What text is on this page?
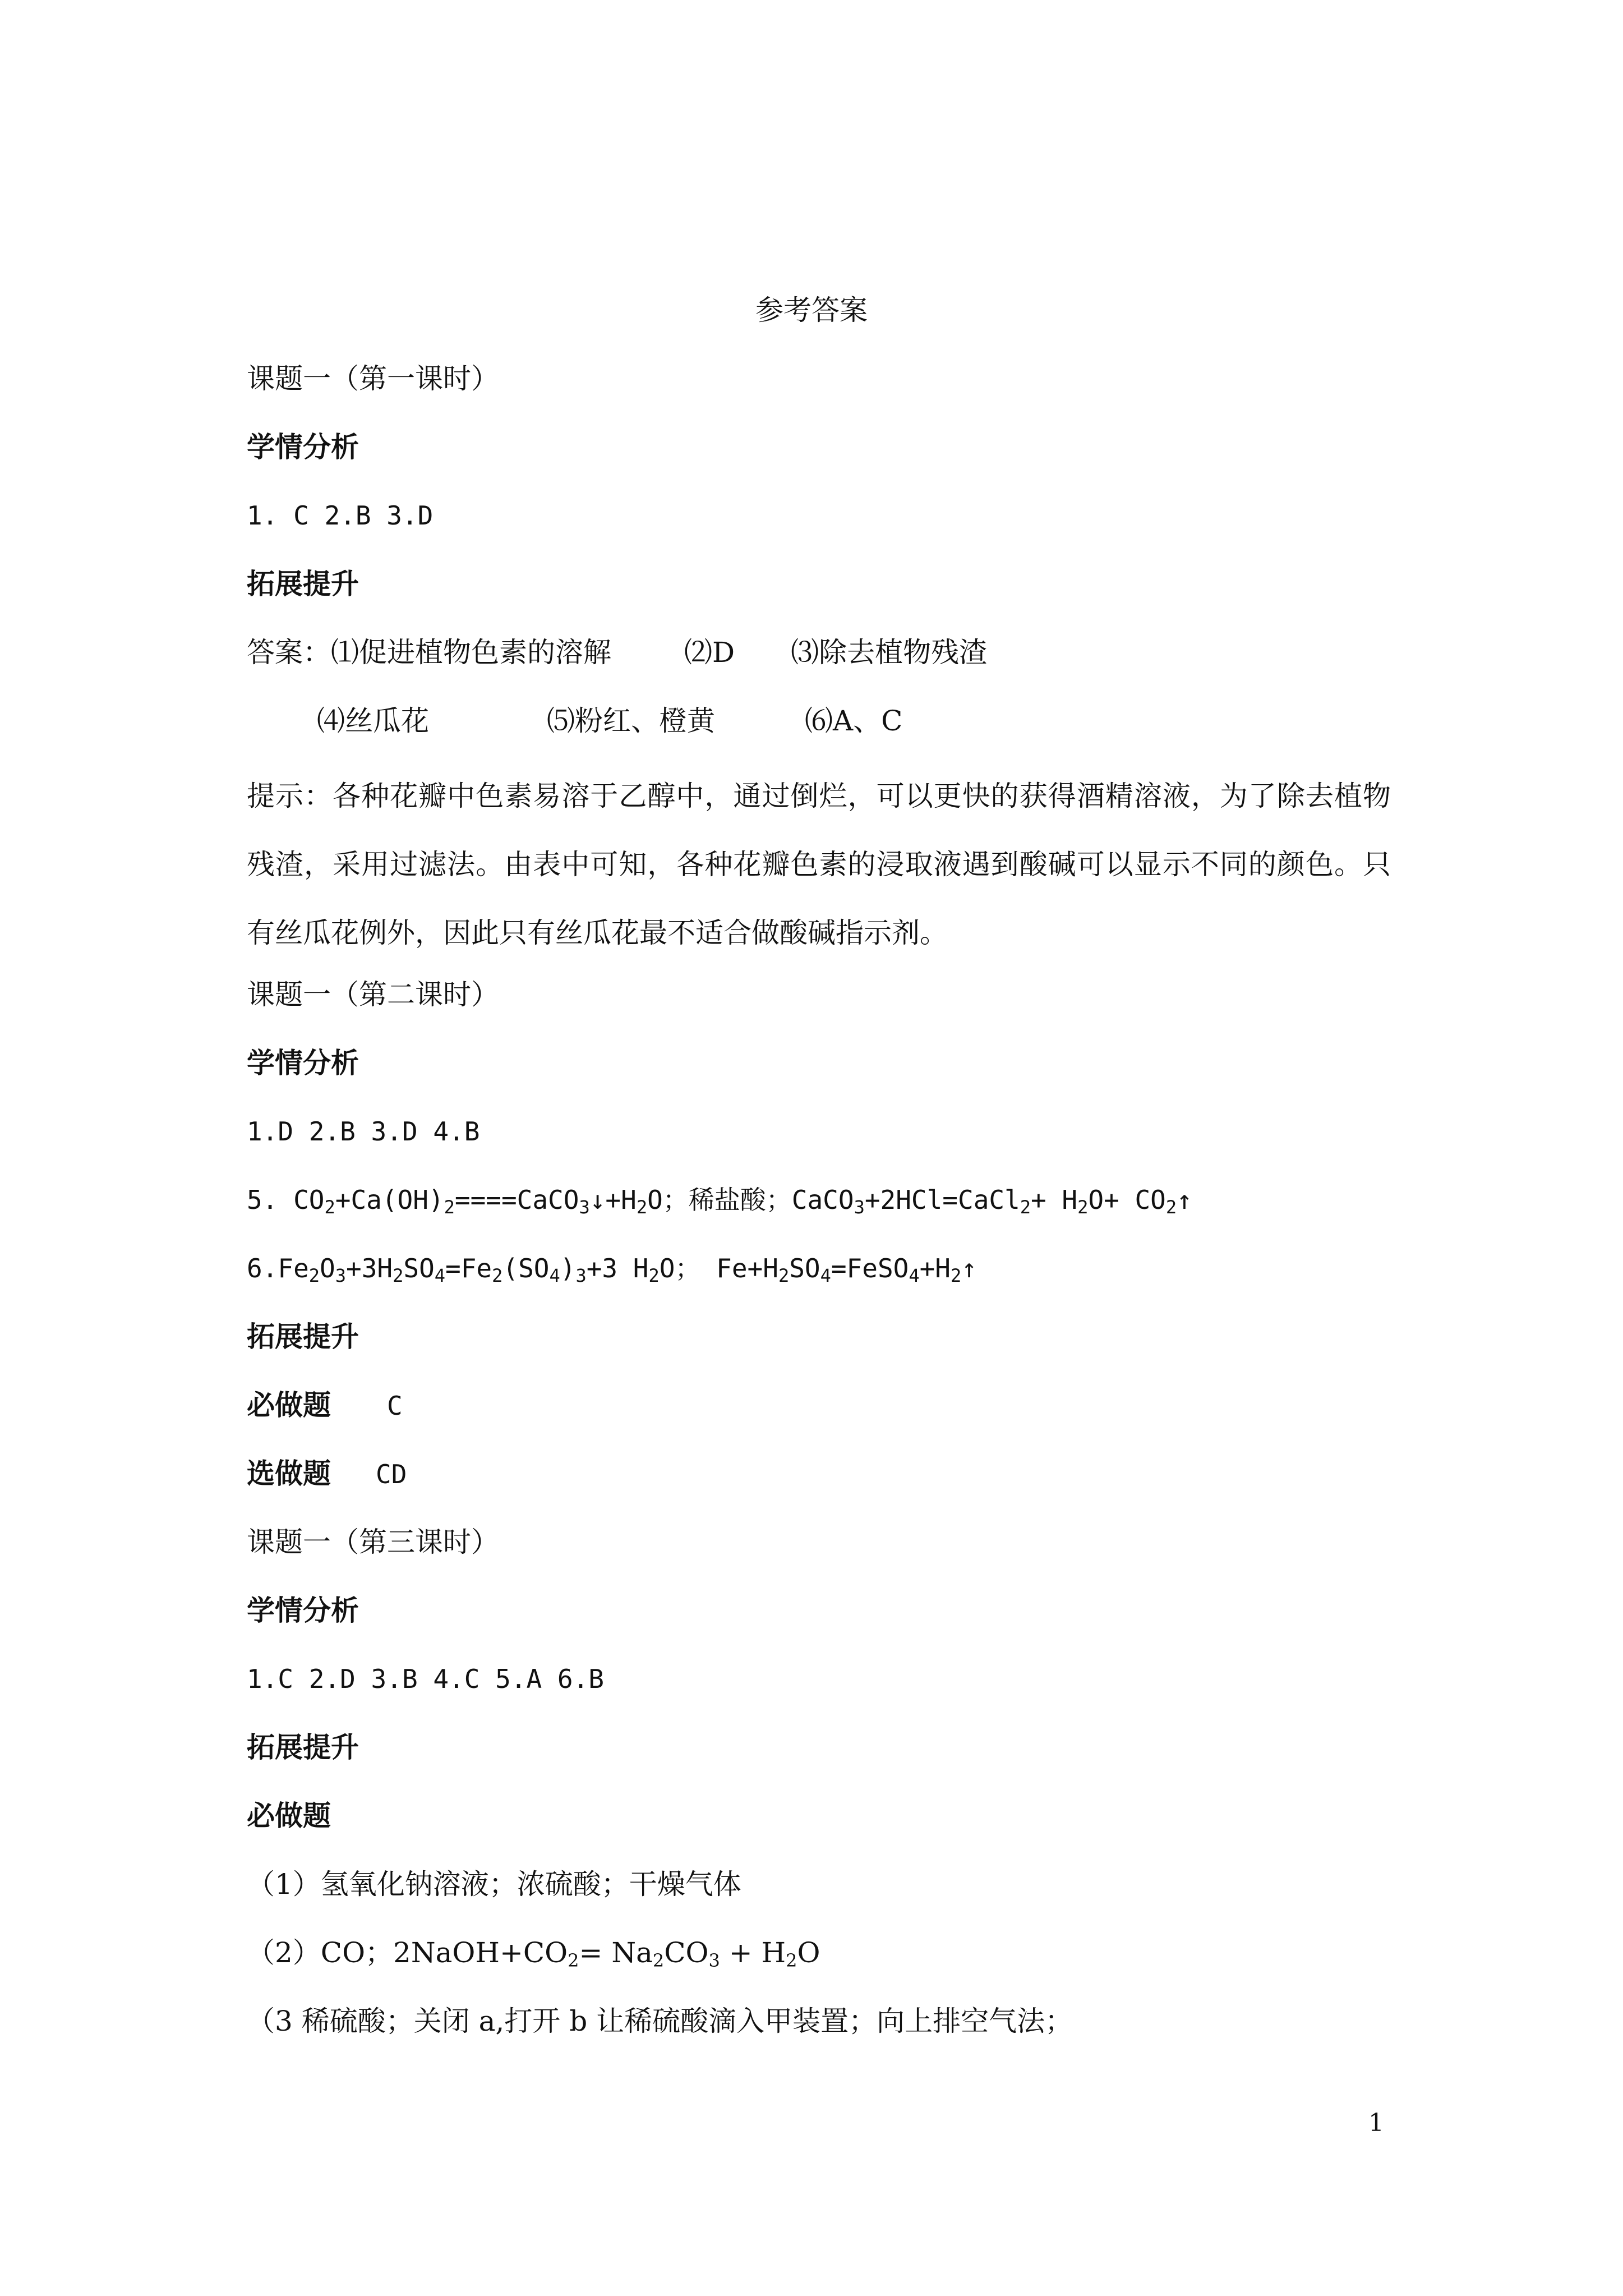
参考答案
课题一（第一课时）
学情分析
1. C 2.B 3.D
拓展提升
答案：⑴促进植物色素的溶解	⑵D ⑶除去植物残渣
⑷丝瓜花	⑸粉红、橙黄	⑹A、C
提示：各种花瓣中色素易溶于乙醇中，通过倒烂，可以更快的获得酒精溶液，为了除去植物残渣，采用过滤法。由表中可知，各种花瓣色素的浸取液遇到酸碱可以显示不同的颜色。只有丝瓜花例外，因此只有丝瓜花最不适合做酸碱指示剂。
课题一（第二课时）
学情分析
1.D 2.B 3.D 4.B
5. $CO_2+Ca(OH)_2====CaCO_3↓+H_2O$；稀盐酸；CaCO$_3$+2HCl=CaCl$_2$+ $H_2O+$ $CO_2↑$
$6.Fe_2O_3+3H_2SO_4=Fe_2(SO_4)_3+3$ $H_2O$； $Fe+H_2SO_4=FeSO_4+H_2↑$
拓展提升
必做题 C
选做题 CD
课题一（第三课时）
学情分析
1.C 2.D 3.B 4.C 5.A 6.B
拓展提升
必做题
（1）氢氧化钠溶液；浓硫酸；干燥气体
（2）CO；$2NaOH+CO_2= Na_2CO_3 + H_2O$
（3 稀硫酸；关闭 a,打开 b 让稀硫酸滴入甲装置；向上排空气法；
1
